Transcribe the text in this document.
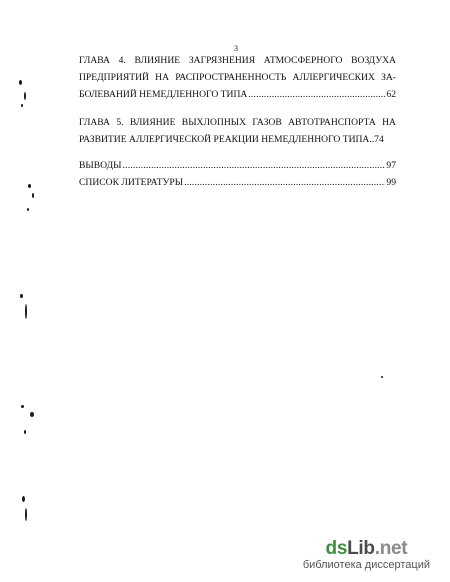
3
ГЛАВА 4. ВЛИЯНИЕ ЗАГРЯЗНЕНИЯ АТМОСФЕРНОГО ВОЗДУХА
ПРЕДПРИЯТИЙ НА РАСПРОСТРАНЕННОСТЬ АЛЛЕРГИЧЕСКИХ ЗА-
БОЛЕВАНИЙ НЕМЕДЛЕННОГО ТИПА .....	62
ГЛАВА 5. ВЛИЯНИЕ ВЫХЛОПНЫХ ГАЗОВ АВТОТРАНСПОРТА НА
РАЗВИТИЕ АЛЛЕРГИЧЕСКОЙ РЕАКЦИИ НЕМЕДЛЕННОГО ТИПА.. 74
ВЫВОДЫ .....	97
СПИСОК ЛИТЕРАТУРЫ .....	99
dsLib.net
библиотека диссертаций
